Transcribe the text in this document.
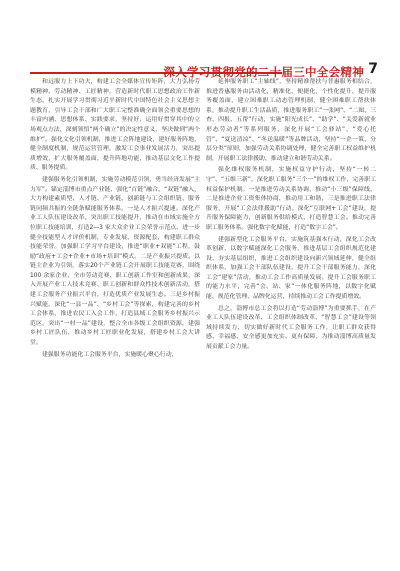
深入学习贯彻党的二十届三中全会精神 7

和远服力上下功夫，构建工会全媒体宣传矩阵，大力弘扬劳模精神、劳动精神、工匠精神，营造新时代职工思想政治工作新生态。扎实开展学习贯彻习近平新时代中国特色社会主义思想主题教育，引导工会干部和广大职工完整准确全面领会重要思想的丰富内涵、思想体系、实践要求，坚持好、运用好贯穿其中的立场观点方法，深刻领悟“两个确立”的决定性意义，坚决做到“两个维护”。强化文化引领机制，推进工会阵地建设，建好服务阵地，健全制度机制，规范运营管理，激发工会事业发展活力，突出提质增效，扩大服务覆盖面，提升阵地功能，推动基层文化工作提质、服务提质。

建强服务化引领机制，实施劳动模范引领，勇当经济发展“主力军”。锚定淄博市重点产业链、强化“百链”融合、“双链”融入，大力构建素质型、人才链、产业链、创新链与工会组织链、服务链同频共振的全链条赋能服务体系。一是人才振兴提速。深化产业工人队伍建设改革，突出职工技能提升，推动在市域实施全方位职工技能培训，打造2—3 家大众企业工会荣誉示范点，进一步健全技能型人才评价机制，专业发展、资源配套，构建职工群众技能荣誉。加强职工学习平台建设，推进“职业+双能”工程，鼓励“政府+工会+企业+市场+培训”模式。二是产业振兴提质。以链主企业为引领，落实20个产业链工会开展职工技能竞赛，围绕100 余家企业、全市劳动竞赛、职工创新工作室和创新成果，深入开展产业工人技术竞赛、职工创新和群众性技术创新活动，搭建工会服务产业振兴平台，打造优质产业发展生态。三是乡村振兴赋能，深化“一县一品”、“乡村工会”等探索，构建完善的乡村工会体系，推进农民工入会工作，打造县域工会服务乡村振兴示范区。突出“一村一品”建设，整合全市各级工会组织资源，建强乡村工匠队伍，推动乡村工匠职业化发展，搭建乡村工会大讲堂。

建强服务功能化工会服务平台，实施暖心聚心行动，

延伸服务职工“主轴线”，坚持精准帮扶与普惠服务相结合，推进普惠服务由活动化，精准化、便捷化，个性化提升，提升服务覆盖面，建立困难职工动态管理机制，健全困难职工帮扶体系，推动提升职工生活品质，推进服务职工“一张网”、“二图、三查、四报、五帮”行动，实施“阳光成长”、“助学”、“关爱新就业形态劳动者”等系列服务，深化开展“工会驿站”、“爱心托管”、“夏送清凉”、“冬送温暖”等品牌活动，坚持“一企一策、分层分类”原则，加强劳动关系协调处理，健全完善职工权益维护机制，开展职工法律援助，推动建立和谐劳动关系。

强化维权服务机制，实施权益守护行动，坚持“一转二守”、“五维三新”，深化职工服务“三个一”的维权工作，完善职工权益保护机制。一是推进劳动关系协调，推动“小三级”保障线，二是推进企业工资集体协商，推动用工和谐，三是推进职工法律服务，开展“工会法律援助”行动。深化“互联网+工会”建设，提升服务保障能力，创新服务供给模式，打造智慧工会。推动完善职工服务体系。强化数字化赋能，打造“数字工会”。

建强新型化工会服务平台，实施筑基强本行动，深化工会改革创新，以数字赋能深化工会服务，推进基层工会组织规范化建设，夯实基层组织，推进工会组织建设向新兴领域延伸，健全组织体系，加强工会干部队伍建设，提升工会干部服务能力，深化工会“建家”活动，推动工会工作高质量发展。提升工会服务职工的能力水平，完善“会、站、家”一体化服务阵地，以数字化赋能、规范化管理、品牌化运营，持续推动工会工作提质增效。

总之，淄博市总工会将以打造“劳动淄博”为重要抓手，在产业工人队伍建设改革、工会组织体制改革、“智慧工会”建设等领域持续发力，切实做好新时代工会服务工作，让职工群众获得感、幸福感、安全感更加充实、更有保障，为推动淄博高质量发展贡献工会力量。
